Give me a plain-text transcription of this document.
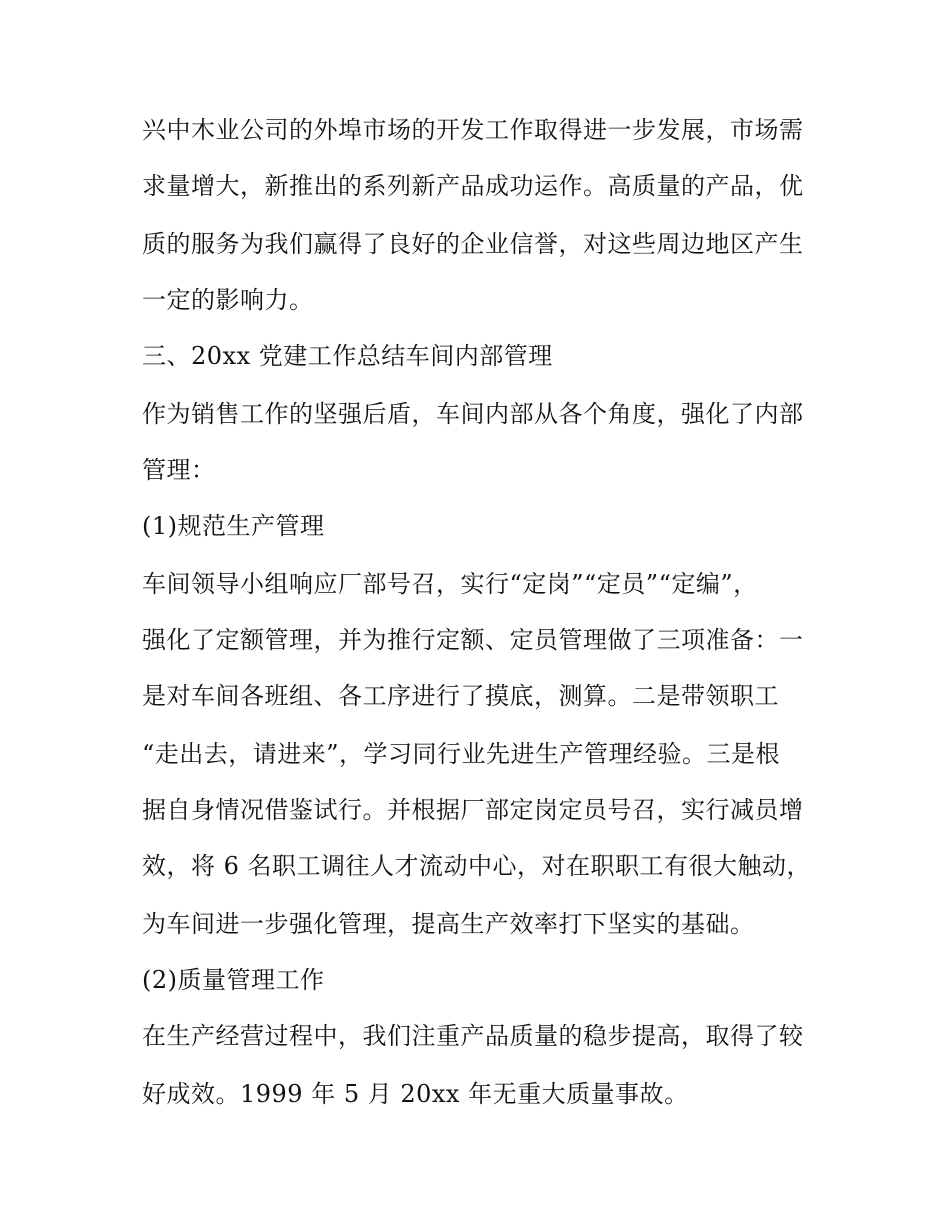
兴中木业公司的外埠市场的开发工作取得进一步发展，市场需
求量增大，新推出的系列新产品成功运作。高质量的产品，优
质的服务为我们赢得了良好的企业信誉，对这些周边地区产生
一定的影响力。
三、20xx 党建工作总结车间内部管理
作为销售工作的坚强后盾，车间内部从各个角度，强化了内部
管理：
(1)规范生产管理
车间领导小组响应厂部号召，实行“定岗”“定员”“定编”，
强化了定额管理，并为推行定额、定员管理做了三项准备：一
是对车间各班组、各工序进行了摸底，测算。二是带领职工
“走出去，请进来”，学习同行业先进生产管理经验。三是根
据自身情况借鉴试行。并根据厂部定岗定员号召，实行减员增
效，将 6 名职工调往人才流动中心，对在职职工有很大触动，
为车间进一步强化管理，提高生产效率打下坚实的基础。
(2)质量管理工作
在生产经营过程中，我们注重产品质量的稳步提高，取得了较
好成效。1999 年 5 月 20xx 年无重大质量事故。
